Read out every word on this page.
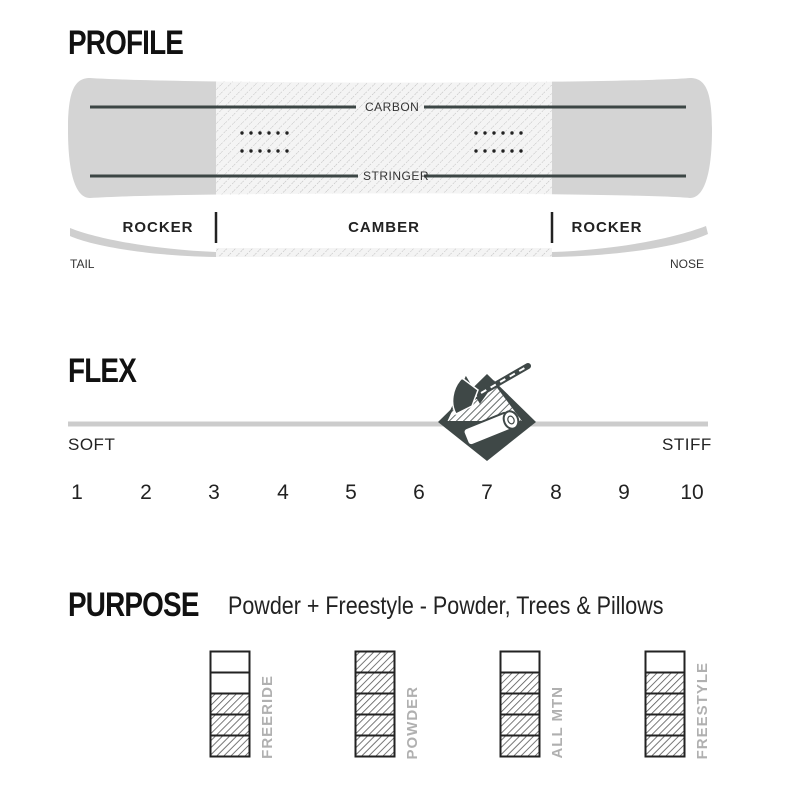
PROFILE
CARBON
STRINGER
ROCKER	CAMBER	ROCKER
TAIL	NOSE
FLEX
SOFT	STIFF
1	2	3	4	5	6	7	8	9	10
PURPOSE Powder + Freestyle - Powder, Trees & Pillows
FREERIDE	POWDER	ALL MTN	FREESTYLE
